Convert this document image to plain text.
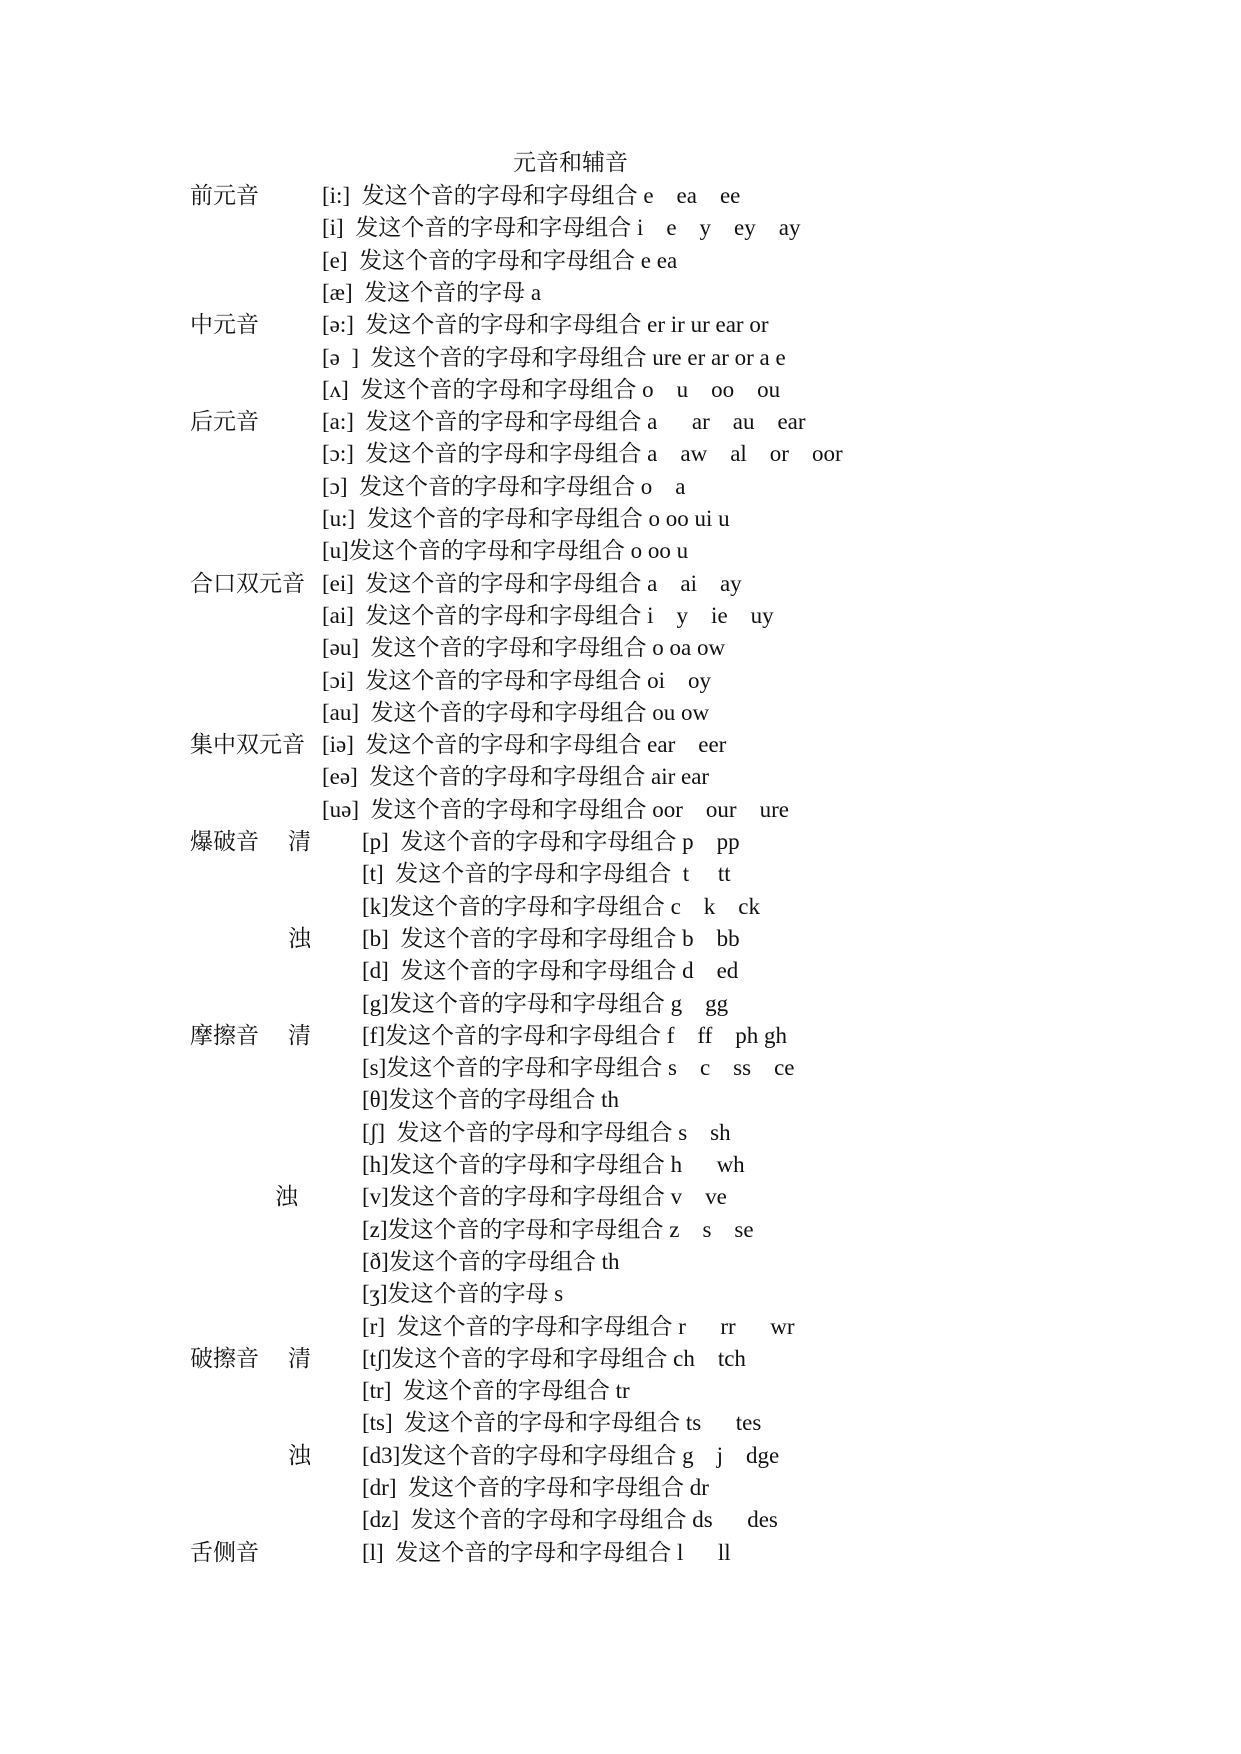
元音和辅音
前元音	[i:]  发这个音的字母和字母组合 e    ea    ee
[i]  发这个音的字母和字母组合 i    e    y    ey    ay
[e]  发这个音的字母和字母组合 e ea
[æ]  发这个音的字母 a
中元音	[ə:]  发这个音的字母和字母组合 er ir ur ear or
[ə  ]  发这个音的字母和字母组合 ure er ar or a e
[ʌ]  发这个音的字母和字母组合 o    u    oo    ou
后元音	[a:]  发这个音的字母和字母组合 a      ar    au    ear
[ɔ:]  发这个音的字母和字母组合 a    aw    al    or    oor
[ɔ]  发这个音的字母和字母组合 o    a
[u:]  发这个音的字母和字母组合 o oo ui u
[u]发这个音的字母和字母组合 o oo u
合口双元音 [ei]  发这个音的字母和字母组合 a    ai    ay
[ai]  发这个音的字母和字母组合 i    y    ie    uy
[əu]  发这个音的字母和字母组合 o oa ow
[ɔi]  发这个音的字母和字母组合 oi    oy
[au]  发这个音的字母和字母组合 ou ow
集中双元音 [iə]  发这个音的字母和字母组合 ear    eer
[eə]  发这个音的字母和字母组合 air ear
[uə]  发这个音的字母和字母组合 oor    our    ure
爆破音 清 [p]  发这个音的字母和字母组合 p    pp
[t]  发这个音的字母和字母组合  t     tt
[k]发这个音的字母和字母组合 c    k    ck
浊 [b]  发这个音的字母和字母组合 b    bb
[d]  发这个音的字母和字母组合 d    ed
[g]发这个音的字母和字母组合 g    gg
摩擦音 清 [f]发这个音的字母和字母组合 f    ff    ph gh
[s]发这个音的字母和字母组合 s    c    ss    ce
[θ]发这个音的字母组合 th
[ʃ]  发这个音的字母和字母组合 s    sh
[h]发这个音的字母和字母组合 h      wh
浊	[v]发这个音的字母和字母组合 v    ve
[z]发这个音的字母和字母组合 z    s    se
[ð]发这个音的字母组合 th
[ʒ]发这个音的字母 s
[r]  发这个音的字母和字母组合 r      rr      wr
破擦音 清 [tʃ]发这个音的字母和字母组合 ch    tch
[tr]  发这个音的字母组合 tr
[ts]  发这个音的字母和字母组合 ts      tes
浊 [d3]发这个音的字母和字母组合 g    j    dge
[dr]  发这个音的字母和字母组合 dr
[dz]  发这个音的字母和字母组合 ds      des
舌侧音	[l]  发这个音的字母和字母组合 l      ll
